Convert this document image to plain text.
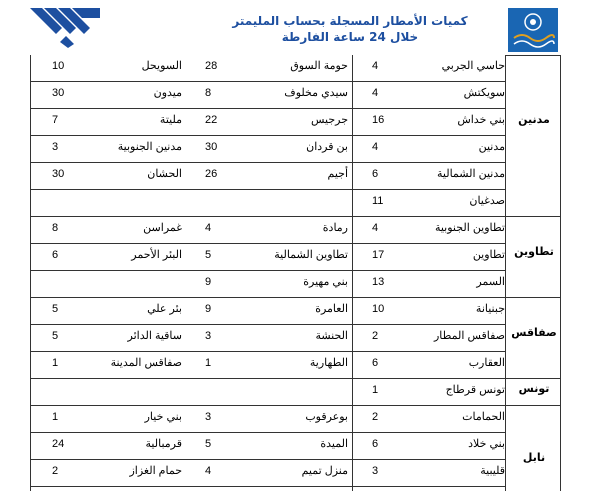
كميات الأمطار المسجلة بحساب المليمتر
خلال 24 ساعة الفارطة
حاسي الجربي
4
حومة السوق
28
السويحل
10
سويكتش
4
سيدي مخلوف
8
ميدون
30
بني خداش
16
جرجيس
22
مليتة
7
مدنين
4
بن قردان
30
مدنين الجنوبية
3
مدنين الشمالية
6
أجيم
26
الحشان
30
صدغيان
11
تطاوين الجنوبية
4
رمادة
4
غمراسن
8
تطاوين
17
تطاوين الشمالية
5
البئر الأحمر
6
السمر
13
بني مهيرة
9
جبنيانة
10
العامرة
9
بئر علي
5
صفاقس المطار
2
الحنشة
3
ساقية الدائر
5
العقارب
6
الطهارية
1
صفاقس المدينة
1
تونس قرطاج
1
الحمامات
2
بوعرقوب
3
بني خيار
1
بني خلاد
6
الميدة
5
قرمبالية
24
قليبية
3
منزل تميم
4
حمام الغزاز
2
مدنين
تطاوين
صفاقس
تونس
نابل
